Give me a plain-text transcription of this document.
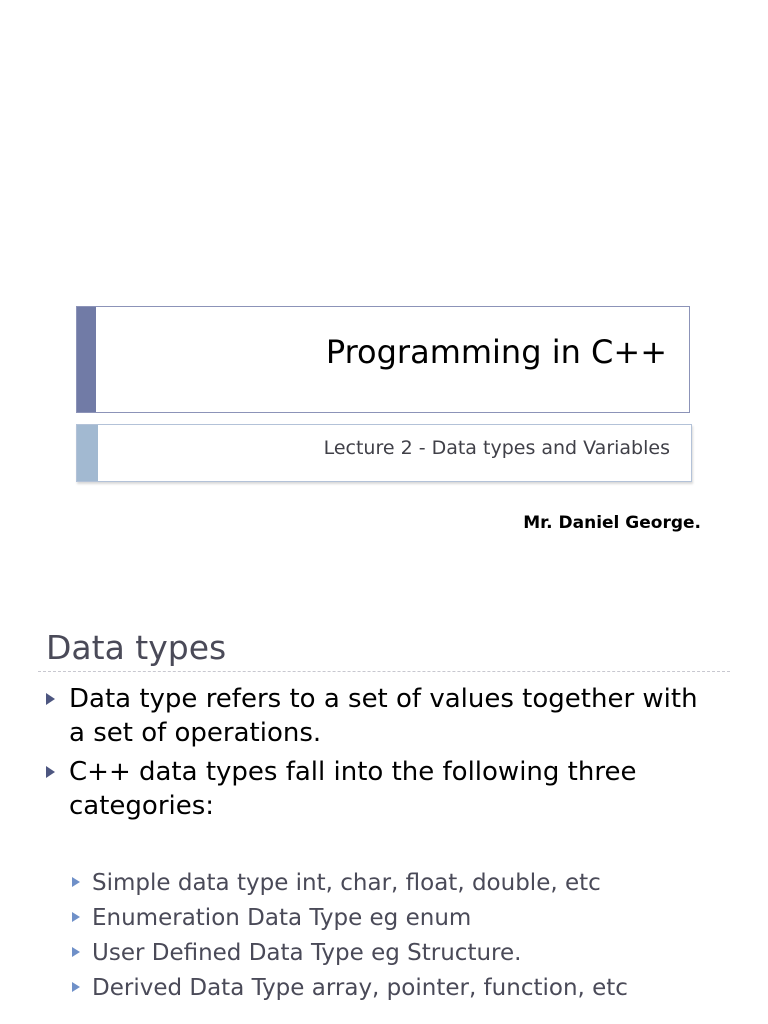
Programming in C++
Lecture 2 - Data types and Variables
Mr. Daniel George.
Data types
Data type refers to a set of values together with a set of operations.
C++ data types fall into the following three categories:
Simple data type int, char, float, double, etc
Enumeration Data Type eg enum
User Defined Data Type eg Structure.
Derived Data Type array, pointer, function, etc
